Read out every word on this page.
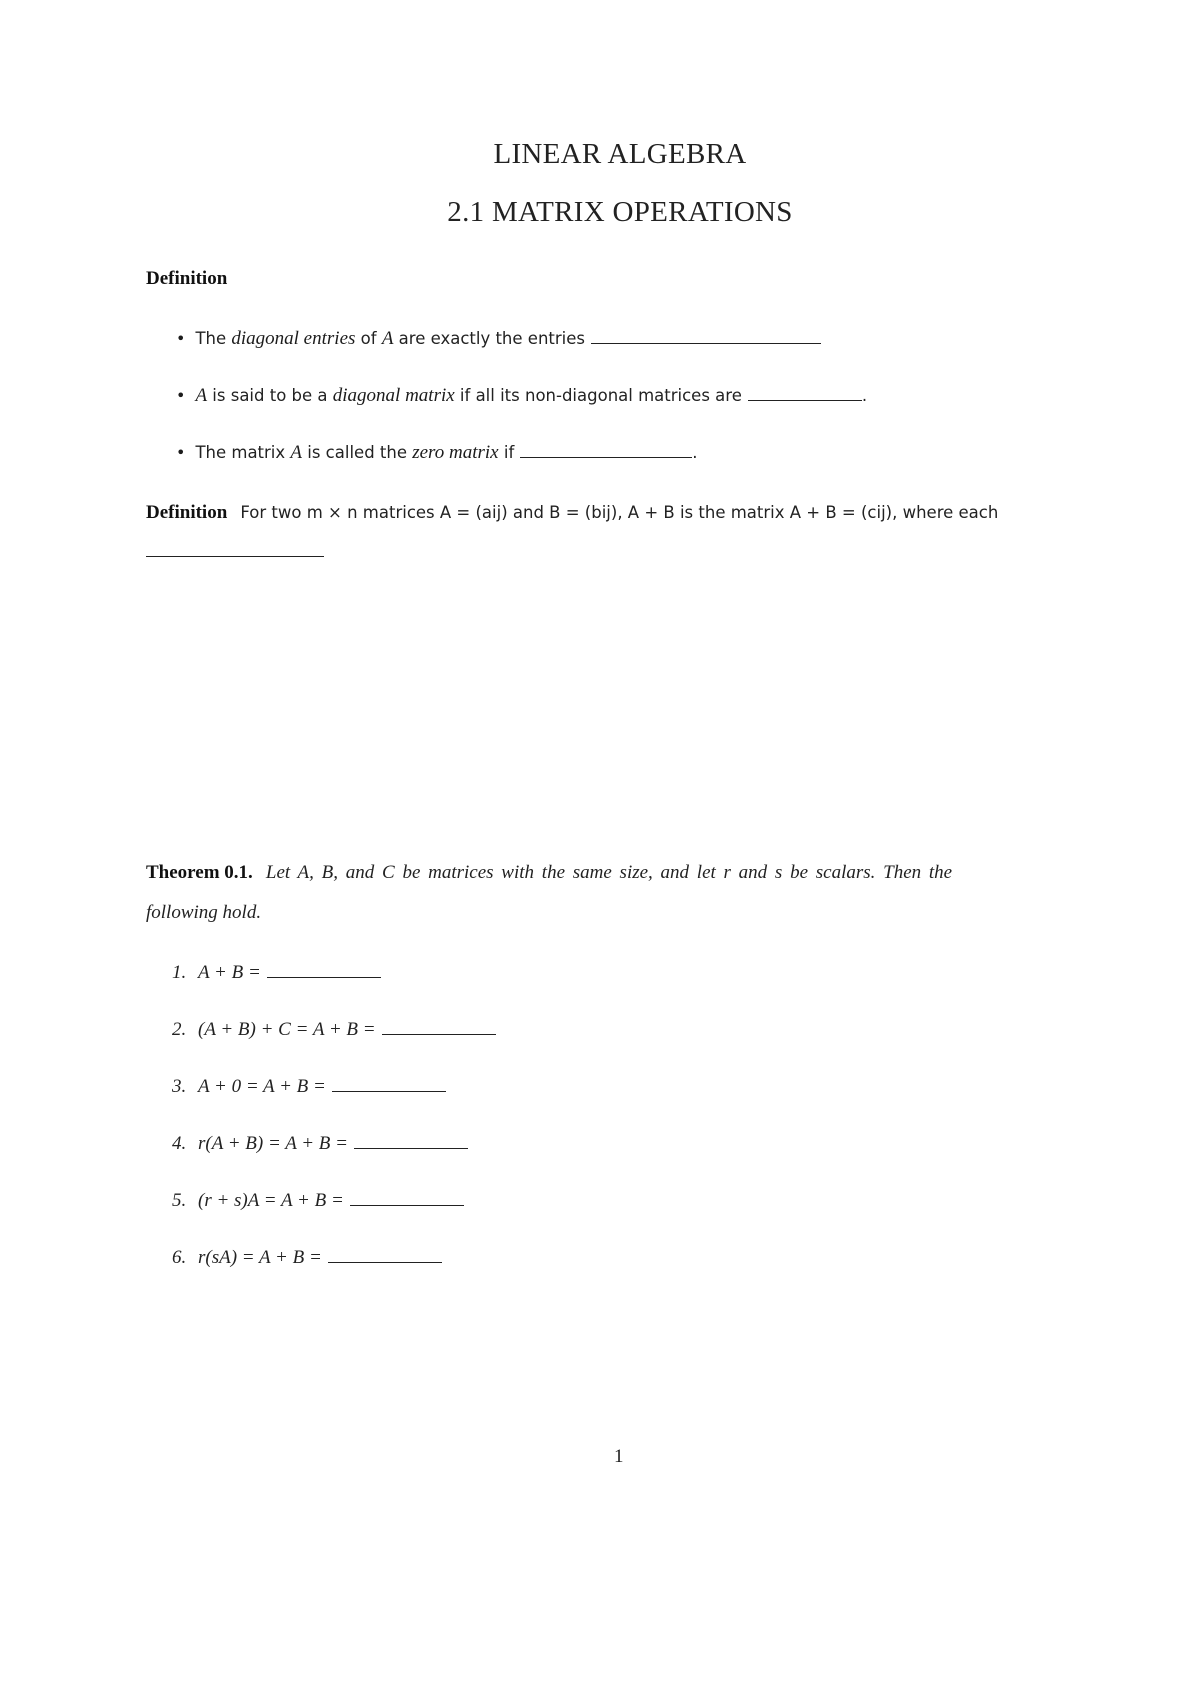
LINEAR ALGEBRA
2.1 MATRIX OPERATIONS
Definition
• The diagonal entries of A are exactly the entries
• A is said to be a diagonal matrix if all its non-diagonal matrices are	.
• The matrix A is called the zero matrix if	.
Definition For two m × n matrices A = (aij) and B = (bij), A + B is the matrix A + B = (cij), where each
Theorem 0.1. Let A, B, and C be matrices with the same size, and let r and s be scalars. Then the
following hold.
1. A + B =
2. (A + B) + C = A + B =
3. A + 0 = A + B =
4. r(A + B) = A + B =
5. (r + s)A = A + B =
6. r(sA) = A + B =
1
